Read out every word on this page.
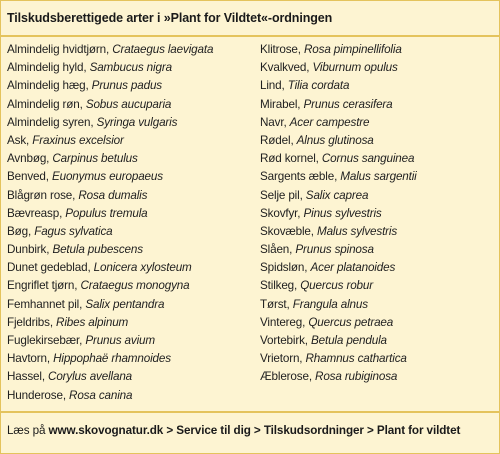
Tilskudsberettigede arter i »Plant for Vildtet«-ordningen
Almindelig hvidtjørn, Crataegus laevigata
Almindelig hyld, Sambucus nigra
Almindelig hæg, Prunus padus
Almindelig røn, Sobus aucuparia
Almindelig syren, Syringa vulgaris
Ask, Fraxinus excelsior
Avnbøg, Carpinus betulus
Benved, Euonymus europaeus
Blågrøn rose, Rosa dumalis
Bævreasp, Populus tremula
Bøg, Fagus sylvatica
Dunbirk, Betula pubescens
Dunet gedeblad, Lonicera xylosteum
Engriflet tjørn, Crataegus monogyna
Femhannet pil, Salix pentandra
Fjeldribs, Ribes alpinum
Fuglekirsebær, Prunus avium
Havtorn, Hippophaë rhamnoides
Hassel, Corylus avellana
Hunderose, Rosa canina
Klitrose, Rosa pimpinellifolia
Kvalkved, Viburnum opulus
Lind, Tilia cordata
Mirabel, Prunus cerasifera
Navr, Acer campestre
Rødel, Alnus glutinosa
Rød kornel, Cornus sanguinea
Sargents æble, Malus sargentii
Selje pil, Salix caprea
Skovfyr, Pinus sylvestris
Skovæble, Malus sylvestris
Slåen, Prunus spinosa
Spidsløn, Acer platanoides
Stilkeg, Quercus robur
Tørst, Frangula alnus
Vintereg, Quercus petraea
Vortebirk, Betula pendula
Vrietorn, Rhamnus cathartica
Æblerose, Rosa rubiginosa
Læs på www.skovognatur.dk > Service til dig > Tilskudsordninger > Plant for vildtet
